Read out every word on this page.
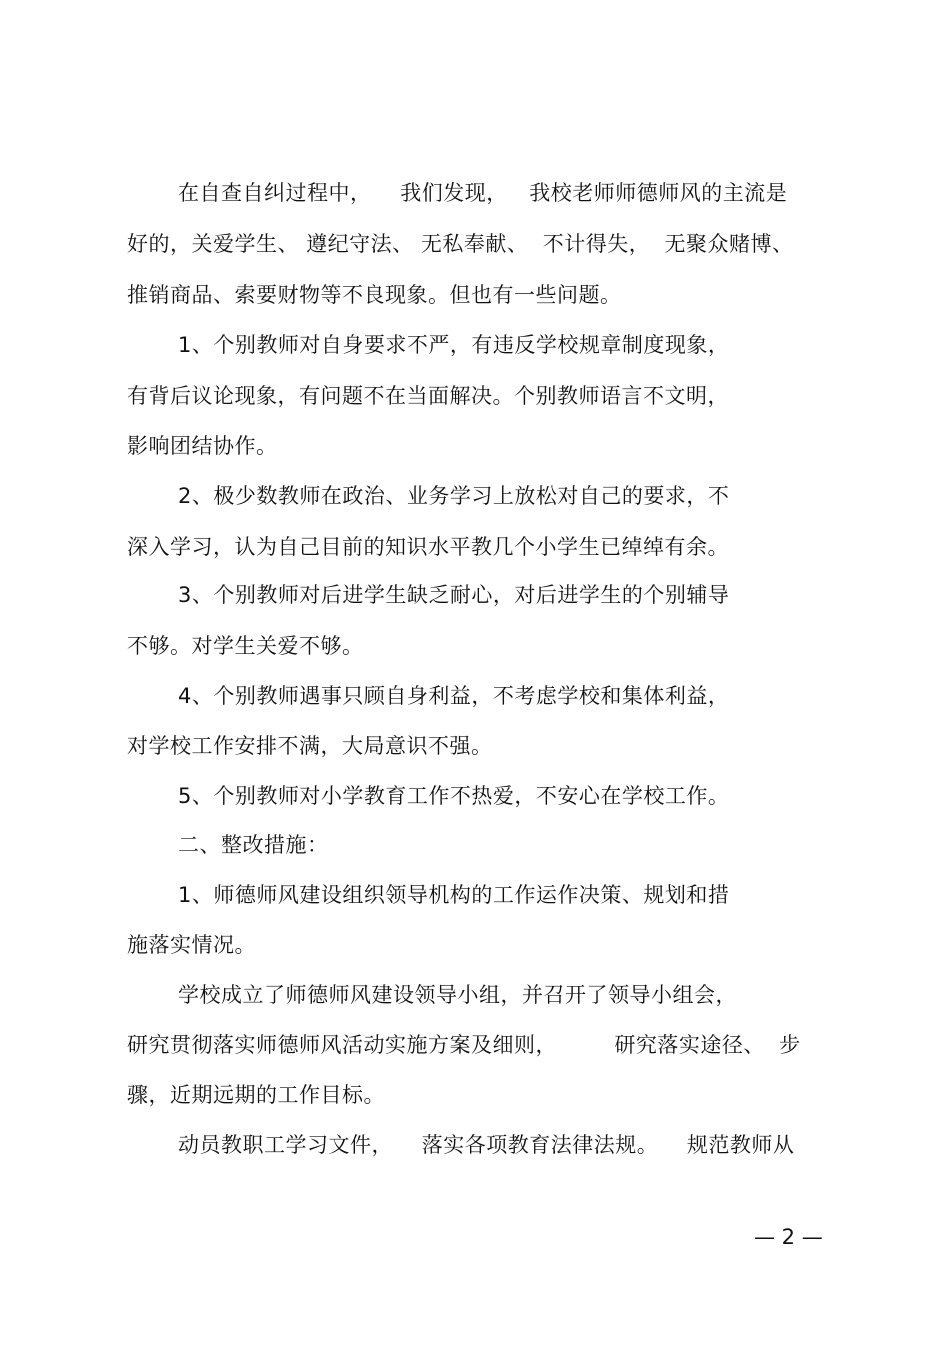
在自查自纠过程中，    我们发现，   我校老师师德师风的主流是
好的，关爱学生、 遵纪守法、 无私奉献、  不计得失，  无聚众赌博、
推销商品、索要财物等不良现象。但也有一些问题。
1、个别教师对自身要求不严，有违反学校规章制度现象，
有背后议论现象，有问题不在当面解决。个别教师语言不文明，
影响团结协作。
2、极少数教师在政治、业务学习上放松对自己的要求，不
深入学习，认为自己目前的知识水平教几个小学生已绰绰有余。
3、个别教师对后进学生缺乏耐心，对后进学生的个别辅导
不够。对学生关爱不够。
4、个别教师遇事只顾自身利益，不考虑学校和集体利益，
对学校工作安排不满，大局意识不强。
5、个别教师对小学教育工作不热爱，不安心在学校工作。
二、整改措施：
1、师德师风建设组织领导机构的工作运作决策、规划和措
施落实情况。
学校成立了师德师风建设领导小组，并召开了领导小组会，
研究贯彻落实师德师风活动实施方案及细则，        研究落实途径、  步
骤，近期远期的工作目标。
动员教职工学习文件，    落实各项教育法律法规。    规范教师从
— 2 —
